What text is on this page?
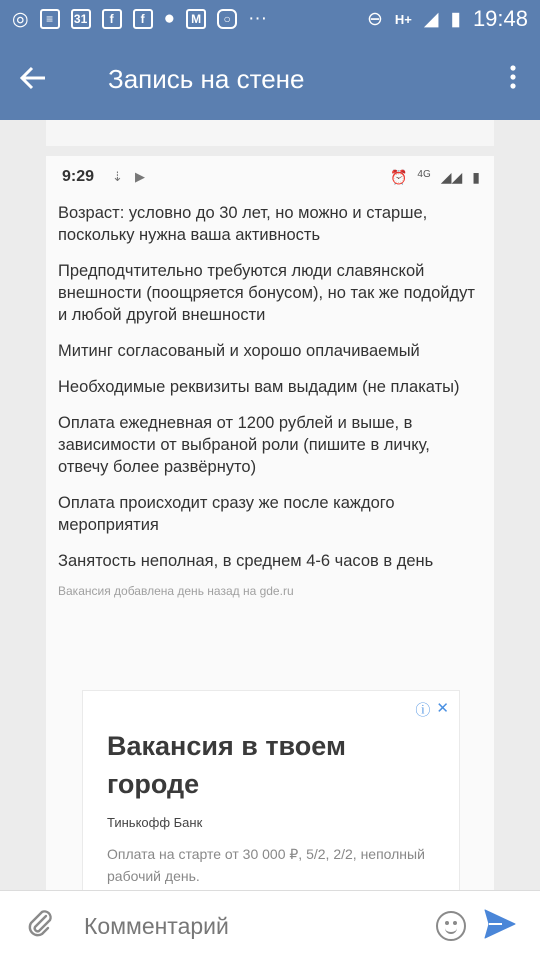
◎	≡	31	f	f	●	M	○ ···	⊖ H+ ◢ ▮ 19:48
Запись на стене
9:29 ⇣ ▶	⏰ 4G ◢◢ ▮

Возраст: условно до 30 лет, но можно и старше, поскольку нужна ваша активность

Предподчтительно требуются люди славянской внешности (поощряется бонусом), но так же подойдут и любой другой внешности

Митинг согласованый и хорошо оплачиваемый

Необходимые реквизиты вам выдадим (не плакаты)

Оплата ежедневная от 1200 рублей и выше, в зависимости от выбраной роли (пишите в личку, отвечу более развёрнуто)

Оплата происходит сразу же после каждого мероприятия

Занятость неполная, в среднем 4-6 часов в день

Вакансия добавлена день назад на gde.ru
ⓘ ✕
Вакансия в твоем городе
Тинькофф Банк
Оплата на старте от 30 000 ₽, 5/2, 2/2, неполный рабочий день.
Комментарий
